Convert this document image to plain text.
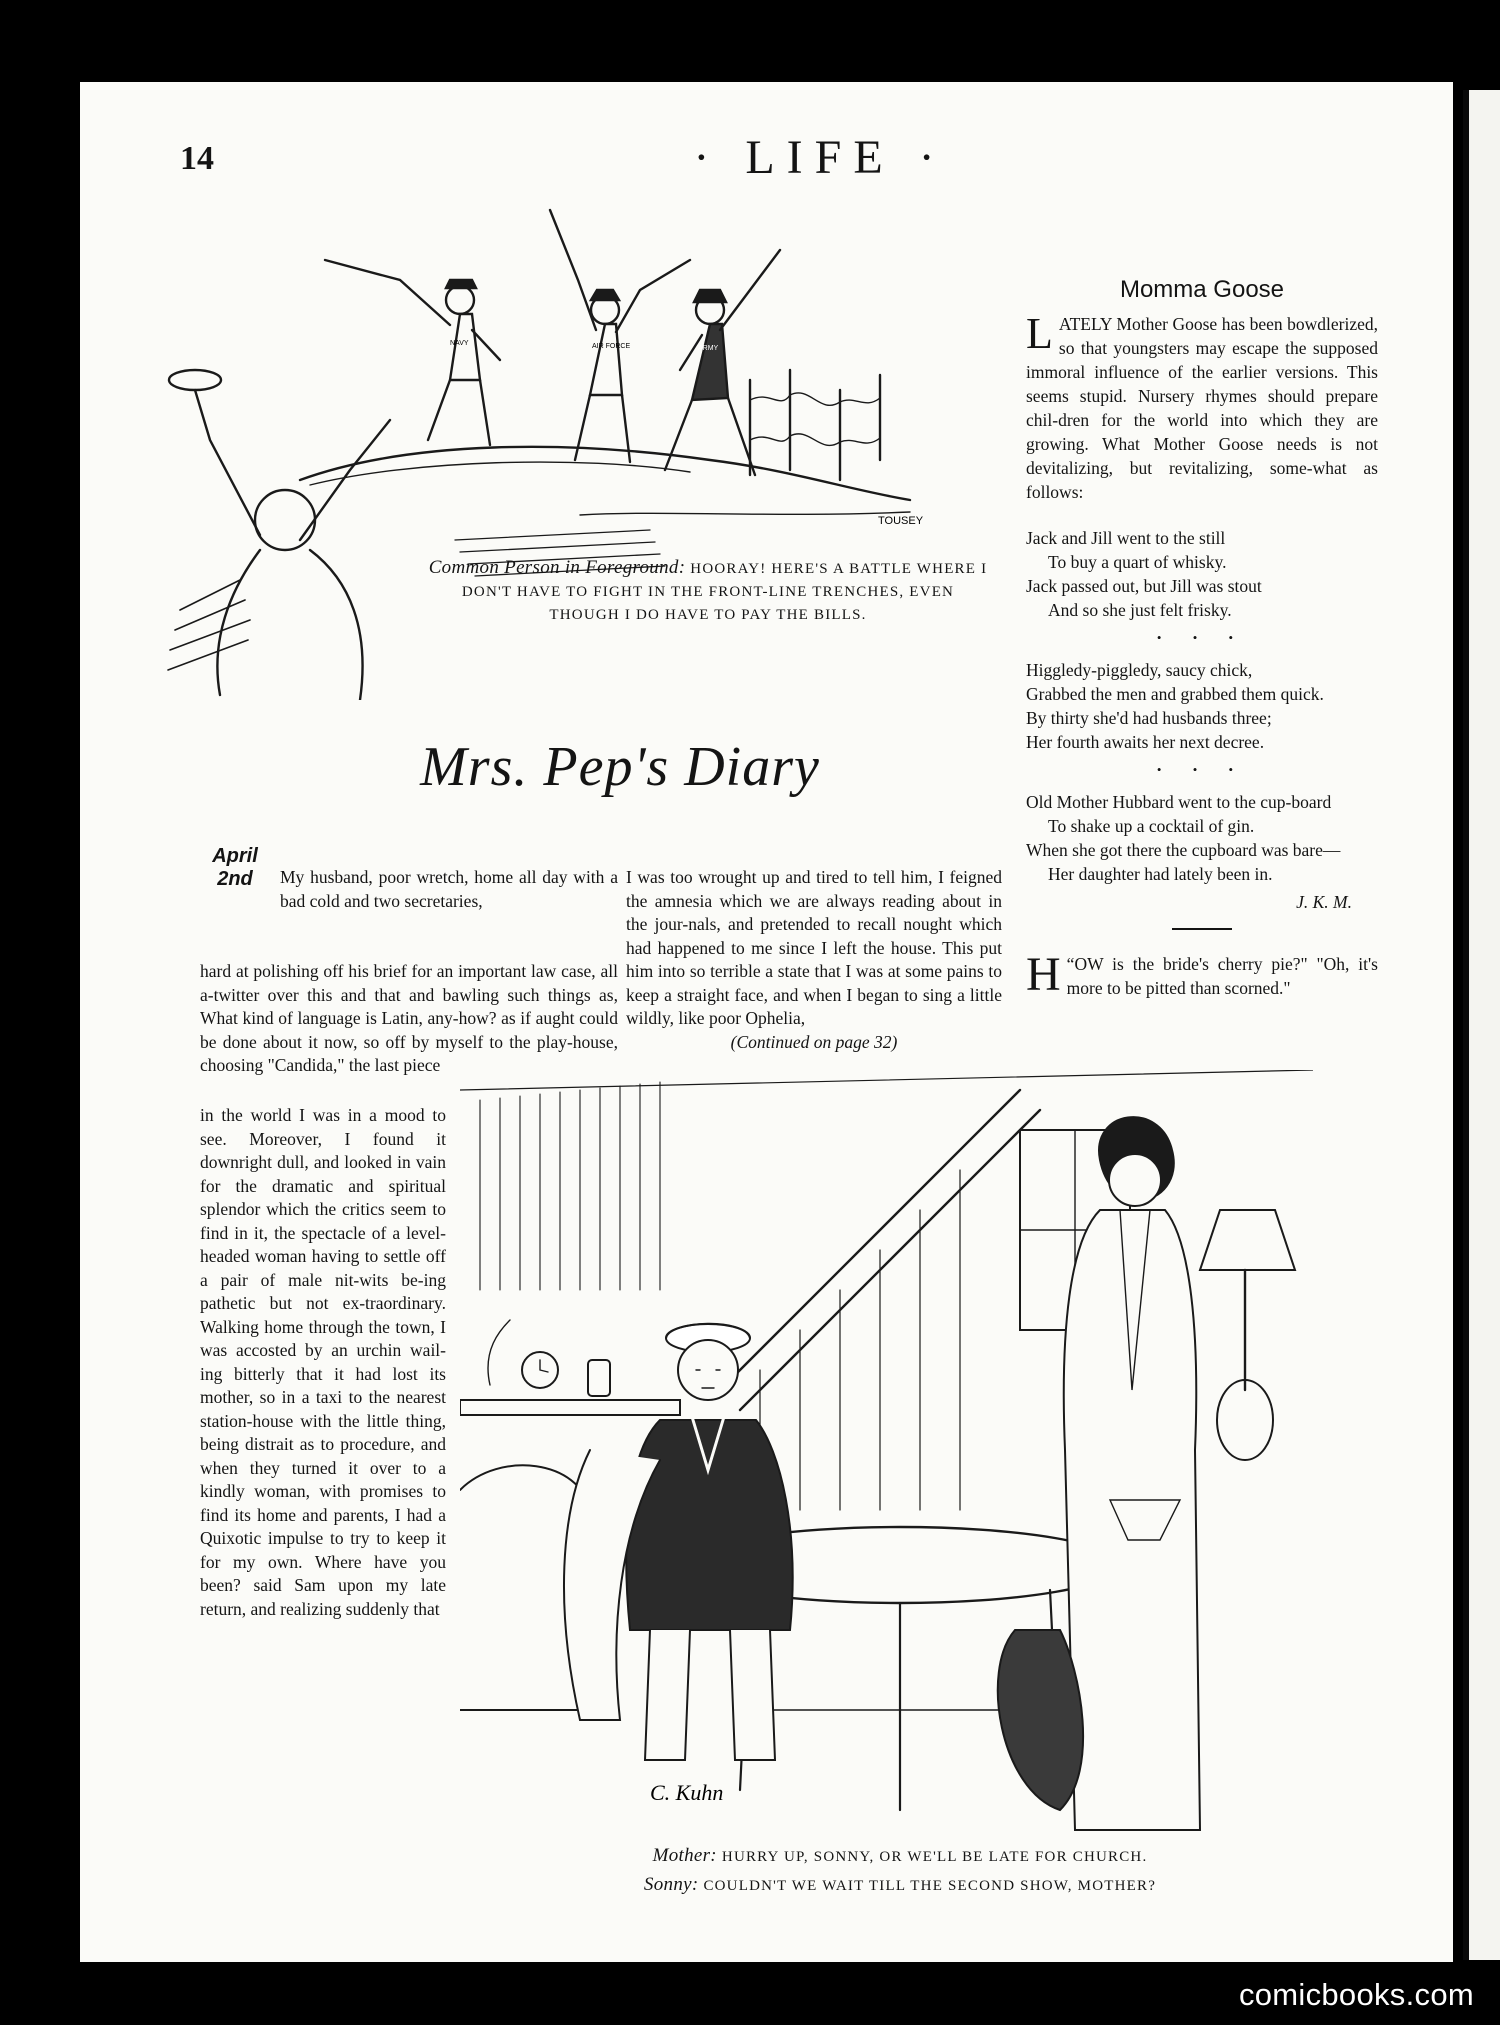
14	· LIFE ·
TOUSEY
NAVY	AIR FORCE	ARMY
Common Person in Foreground: HOORAY! HERE'S A BATTLE WHERE I DON'T HAVE TO FIGHT IN THE FRONT-LINE TRENCHES, EVEN THOUGH I DO HAVE TO PAY THE BILLS.
Mrs. Pep's Diary
April 2nd	My husband, poor wretch, home all day with a bad cold and two secretaries,

hard at polishing off his brief for an important law case, all a-twitter over this and that and bawling such things as, What kind of language is Latin, any-how? as if aught could be done about it now, so off by myself to the play-house, choosing "Candida," the last piece

in the world I was in a mood to see. Moreover, I found it downright dull, and looked in vain for the dramatic and spiritual splendor which the critics seem to find in it, the spectacle of a level-headed woman having to settle off a pair of male nit-wits be-ing pathetic but not ex-traordinary. Walking home through the town, I was accosted by an urchin wail-ing bitterly that it had lost its mother, so in a taxi to the nearest station-house with the little thing, being distrait as to procedure, and when they turned it over to a kindly woman, with promises to find its home and parents, I had a Quixotic impulse to try to keep it for my own. Where have you been? said Sam upon my late return, and realizing suddenly that

I was too wrought up and tired to tell him, I feigned the amnesia which we are always reading about in the jour-nals, and pretended to recall nought which had happened to me since I left the house. This put him into so terrible a state that I was at some pains to keep a straight face, and when I began to sing a little wildly, like poor Ophelia,

(Continued on page 32)

Momma Goose

LATELY Mother Goose has been bowdlerized, so that youngsters may escape the supposed immoral influence of the earlier versions. This seems stupid. Nursery rhymes should prepare chil-dren for the world into which they are growing. What Mother Goose needs is not devitalizing, but revitalizing, some-what as follows:

Jack and Jill went to the still
To buy a quart of whisky.
Jack passed out, but Jill was stout
And so she just felt frisky.
• • •
Higgledy-piggledy, saucy chick,
Grabbed the men and grabbed them quick.
By thirty she'd had husbands three;
Her fourth awaits her next decree.
• • •
Old Mother Hubbard went to the cup-board
To shake up a cocktail of gin.
When she got there the cupboard was bare—
Her daughter had lately been in.
J. K. M.

“
H OW is the bride's cherry pie?" "Oh, it's more to be pitted than scorned."

C. Kuhn
Mother: HURRY UP, SONNY, OR WE'LL BE LATE FOR CHURCH.
Sonny: COULDN'T WE WAIT TILL THE SECOND SHOW, MOTHER?
comicbooks.com
